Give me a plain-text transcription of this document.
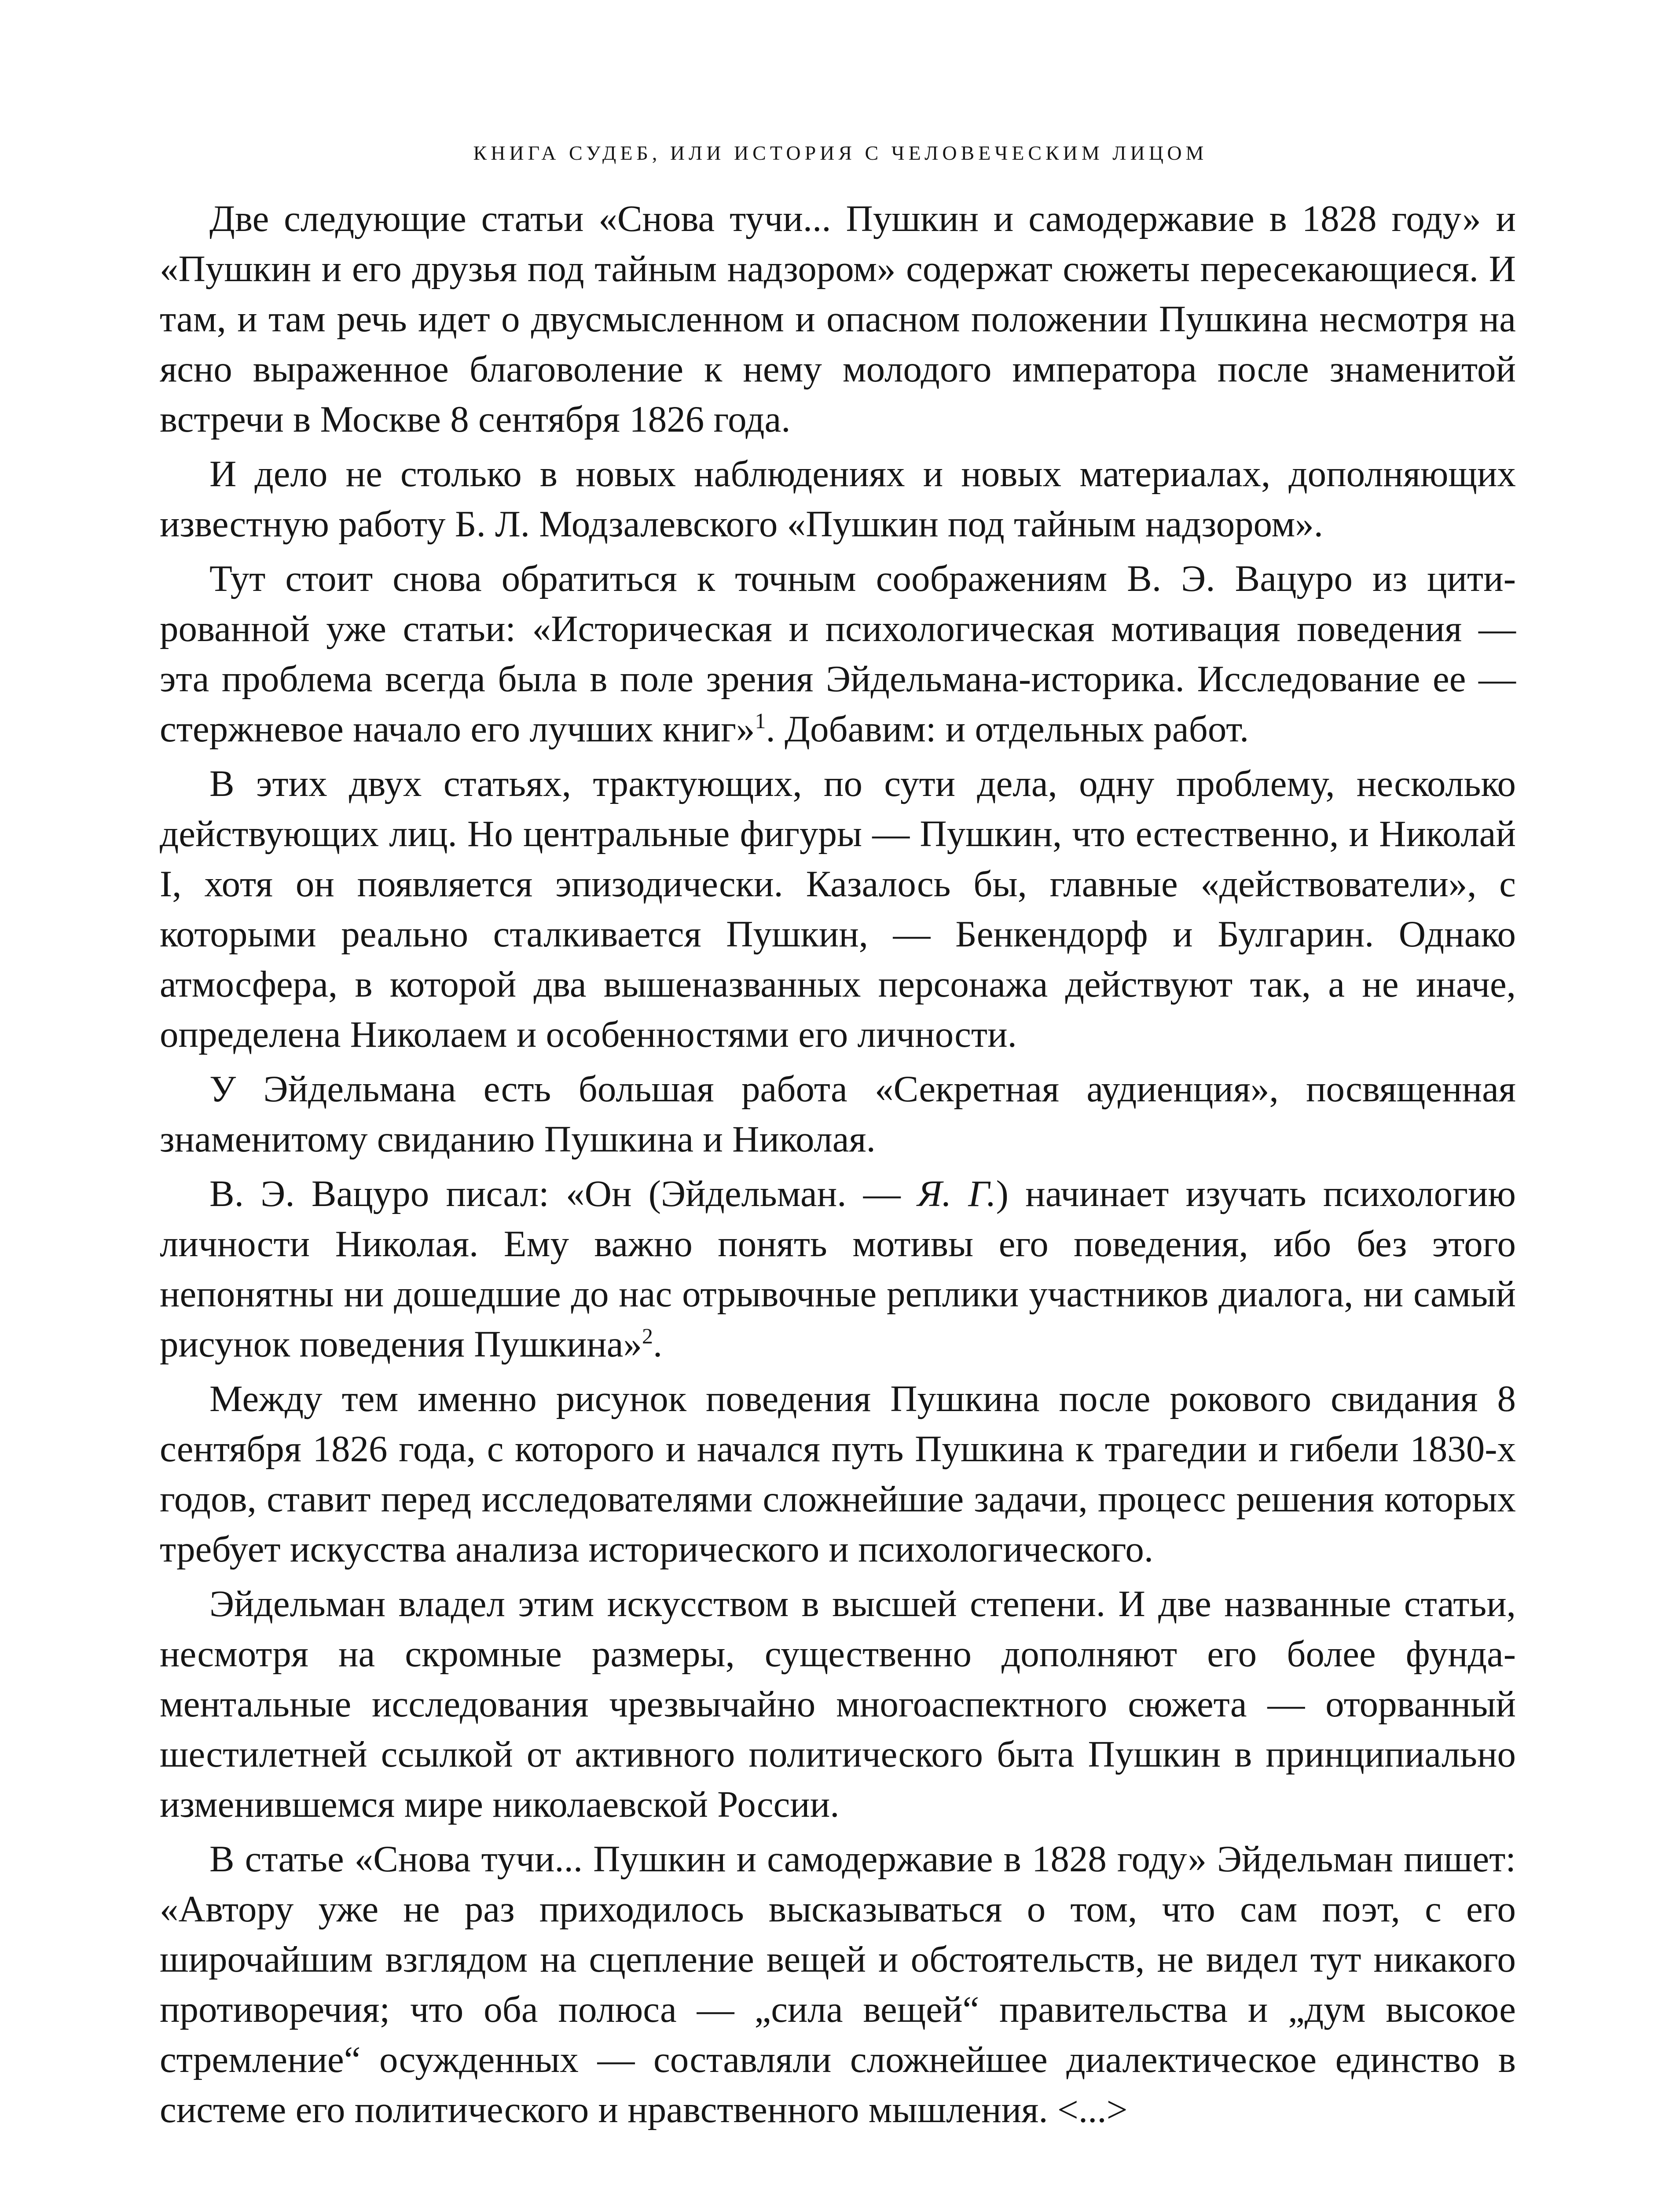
КНИГА СУДЕБ, ИЛИ ИСТОРИЯ С ЧЕЛОВЕЧЕСКИМ ЛИЦОМ

Две следующие статьи «Снова тучи... Пушкин и самодержавие в 1828 году» и «Пушкин и его друзья под тайным надзором» содержат сюжеты пересекающиеся. И там, и там речь идет о двусмысленном и опасном положении Пушкина несмотря на ясно выраженное благоволение к нему молодого императора после знаменитой встречи в Москве 8 сентября 1826 года.

И дело не столько в новых наблюдениях и новых материалах, дополняющих известную работу Б. Л. Модзалевского «Пушкин под тайным надзором».

Тут стоит снова обратиться к точным соображениям В. Э. Вацуро из цитированной уже статьи: «Историческая и психологическая мотивация поведения — эта проблема всегда была в поле зрения Эйдельмана-историка. Исследование ее — стержневое начало его лучших книг»$^1$. Добавим: и отдельных работ.

В этих двух статьях, трактующих, по сути дела, одну проблему, несколько действующих лиц. Но центральные фигуры — Пушкин, что естественно, и Николай I, хотя он появляется эпизодически. Казалось бы, главные «действователи», с которыми реально сталкивается Пушкин, — Бенкендорф и Булгарин. Однако атмосфера, в которой два вышеназванных персонажа действуют так, а не иначе, определена Николаем и особенностями его личности.

У Эйдельмана есть большая работа «Секретная аудиенция», посвященная знаменитому свиданию Пушкина и Николая.

В. Э. Вацуро писал: «Он (Эйдельман. — Я. Г.) начинает изучать психологию личности Николая. Ему важно понять мотивы его поведения, ибо без этого непонятны ни дошедшие до нас отрывочные реплики участников диалога, ни самый рисунок поведения Пушкина»$^2$.

Между тем именно рисунок поведения Пушкина после рокового свидания 8 сентября 1826 года, с которого и начался путь Пушкина к трагедии и гибели 1830-х годов, ставит перед исследователями сложнейшие задачи, процесс решения которых требует искусства анализа исторического и психологического.

Эйдельман владел этим искусством в высшей степени. И две названные статьи, несмотря на скромные размеры, существенно дополняют его более фундаментальные исследования чрезвычайно многоаспектного сюжета — оторванный шестилетней ссылкой от активного политического быта Пушкин в принципиально изменившемся мире николаевской России.

В статье «Снова тучи... Пушкин и самодержавие в 1828 году» Эйдельман пишет: «Автору уже не раз приходилось высказываться о том, что сам поэт, с его широчайшим взглядом на сцепление вещей и обстоятельств, не видел тут никакого противоречия; что оба полюса — „сила вещей“ правительства и „дум высокое стремление“ осужденных — составляли сложнейшее диалектическое единство в системе его политического и нравственного мышления. <...>
